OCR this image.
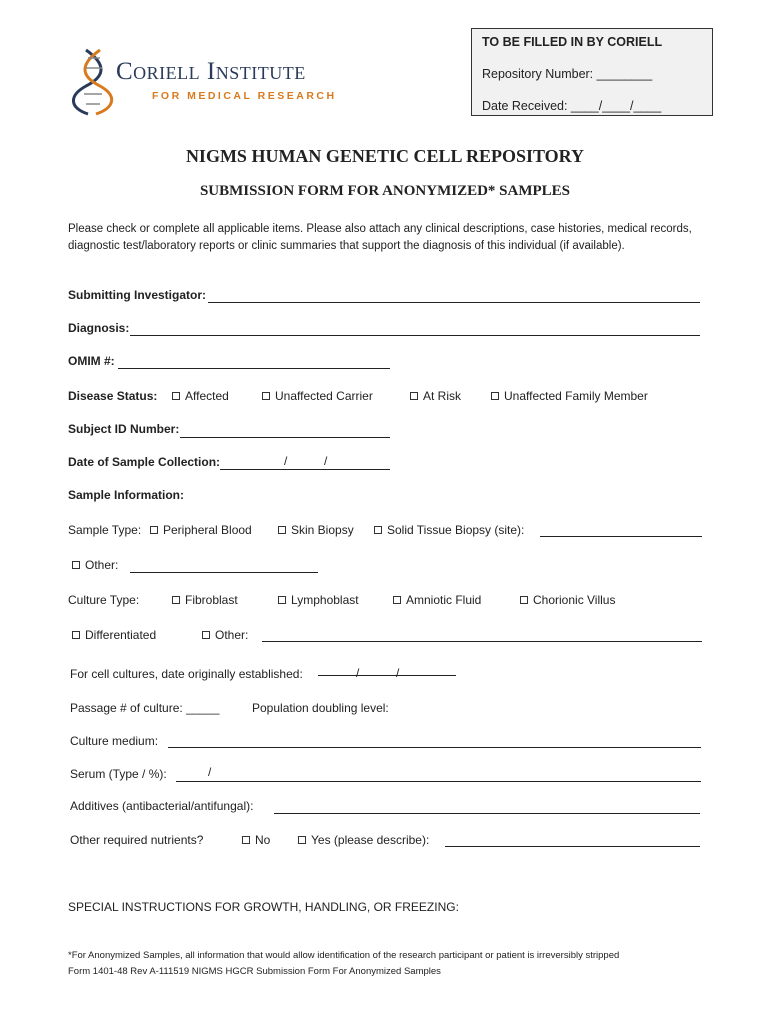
Coriell Institute
FOR MEDICAL RESEARCH
TO BE FILLED IN BY CORIELL
Repository Number: ________
Date Received: ____/____/____
NIGMS HUMAN GENETIC CELL REPOSITORY
SUBMISSION FORM FOR ANONYMIZED* SAMPLES
Please check or complete all applicable items. Please also attach any clinical descriptions, case histories, medical records, diagnostic test/laboratory reports or clinic summaries that support the diagnosis of this individual (if available).
Submitting Investigator:
Diagnosis:
OMIM #:
Disease Status:	Affected	Unaffected Carrier	At Risk	Unaffected Family Member
Subject ID Number:
Date of Sample Collection:	/	/
Sample Information:
Sample Type:	Peripheral Blood	Skin Biopsy	Solid Tissue Biopsy (site):
Other:
Culture Type:	Fibroblast	Lymphoblast	Amniotic Fluid	Chorionic Villus
Differentiated	Other:
For cell cultures, date originally established:	/	/
Passage # of culture: _____	Population doubling level:
Culture medium:
Serum (Type / %):	/
Additives (antibacterial/antifungal):
Other required nutrients?	No	Yes (please describe):
SPECIAL INSTRUCTIONS FOR GROWTH, HANDLING, OR FREEZING:
*For Anonymized Samples, all information that would allow identification of the research participant or patient is irreversibly stripped
Form 1401-48 Rev A-111519 NIGMS HGCR Submission Form For Anonymized Samples
